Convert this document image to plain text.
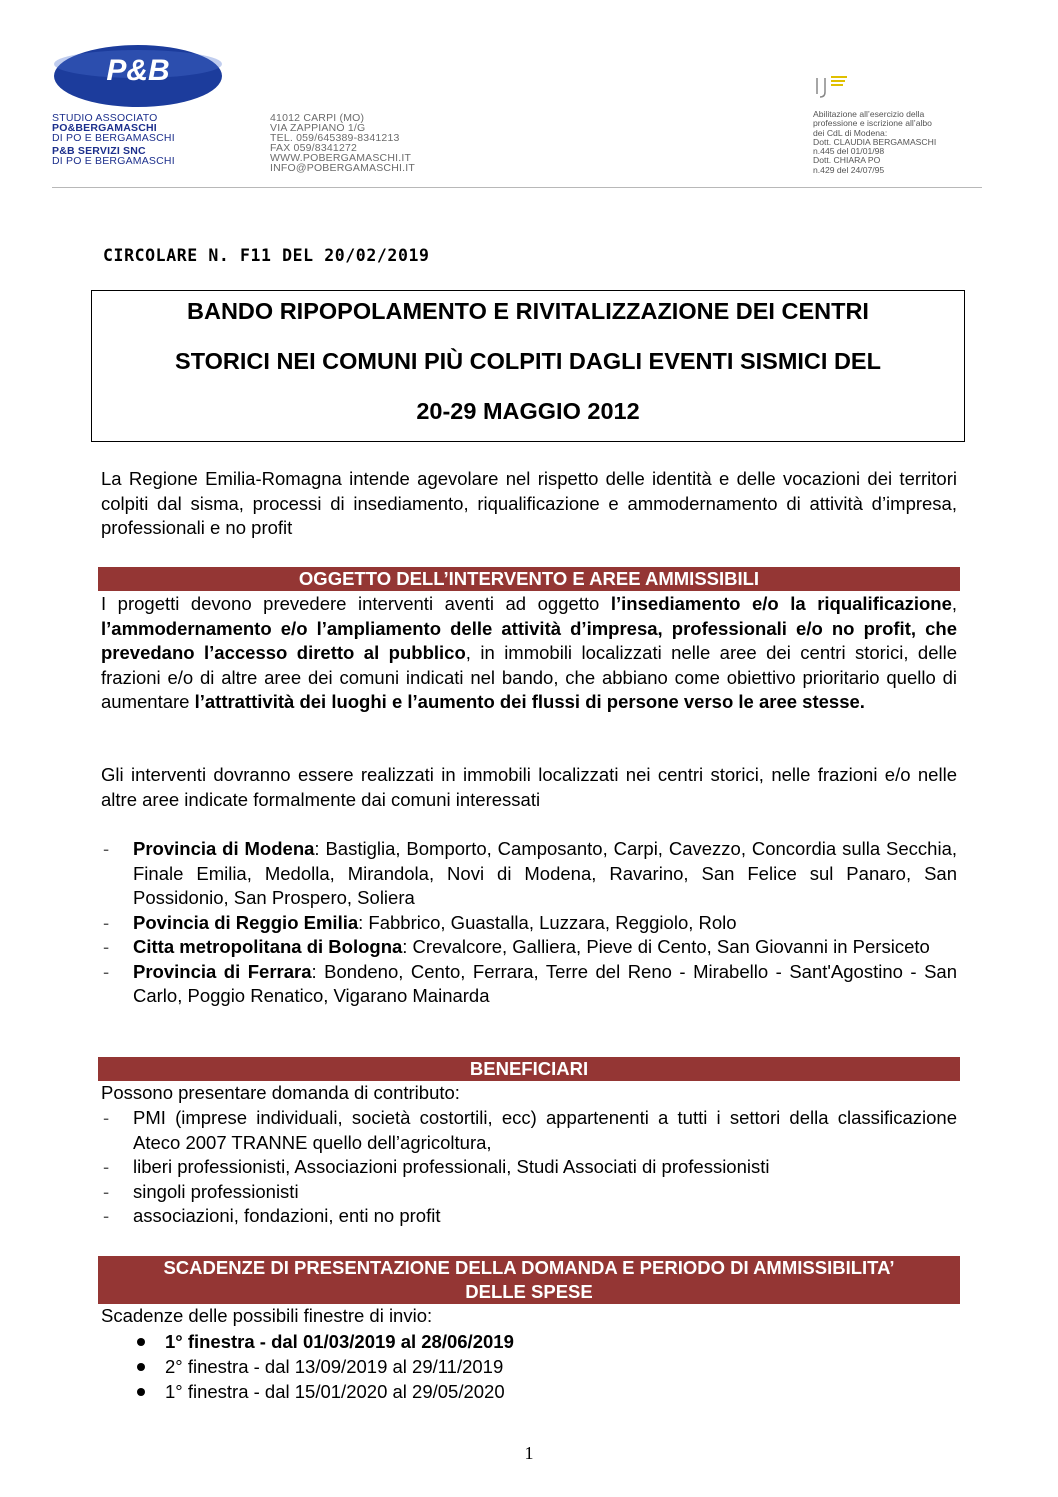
P&B
STUDIO ASSOCIATO
PO&BERGAMASCHI
DI PO E BERGAMASCHI
P&B SERVIZI SNC
DI PO E BERGAMASCHI
41012 CARPI (MO)
VIA ZAPPIANO 1/G
TEL. 059/645389-8341213
FAX 059/8341272
WWW.POBERGAMASCHI.IT
INFO@POBERGAMASCHI.IT
Abilitazione all’esercizio della
professione e iscrizione all’albo
dei CdL di Modena:
Dott. CLAUDIA BERGAMASCHI
n.445 del 01/01/98
Dott. CHIARA PO
n.429 del 24/07/95
CIRCOLARE N. F11 DEL 20/02/2019
BANDO RIPOPOLAMENTO E RIVITALIZZAZIONE DEI CENTRI
STORICI NEI COMUNI PIÙ COLPITI DAGLI EVENTI SISMICI DEL
20-29 MAGGIO 2012
La Regione Emilia-Romagna intende agevolare nel rispetto delle identità e delle vocazioni dei territori colpiti dal sisma, processi di insediamento, riqualificazione e ammodernamento di attività d’impresa, professionali e no profit
OGGETTO DELL’INTERVENTO E AREE AMMISSIBILI
I progetti devono prevedere interventi aventi ad oggetto l’insediamento e/o la riqualificazione, l’ammodernamento e/o l’ampliamento delle attività d’impresa, professionali e/o no profit, che prevedano l’accesso diretto al pubblico, in immobili localizzati nelle aree dei centri storici, delle frazioni e/o di altre aree dei comuni indicati nel bando, che abbiano come obiettivo prioritario quello di aumentare l’attrattività dei luoghi e l’aumento dei flussi di persone verso le aree stesse.
Gli interventi dovranno essere realizzati in immobili localizzati nei centri storici, nelle frazioni e/o nelle altre aree indicate formalmente dai comuni interessati
- Provincia di Modena: Bastiglia, Bomporto, Camposanto, Carpi, Cavezzo, Concordia sulla Secchia, Finale Emilia, Medolla, Mirandola, Novi di Modena, Ravarino, San Felice sul Panaro, San Possidonio, San Prospero, Soliera
- Povincia di Reggio Emilia: Fabbrico, Guastalla, Luzzara, Reggiolo, Rolo
- Citta metropolitana di Bologna: Crevalcore, Galliera, Pieve di Cento, San Giovanni in Persiceto
- Provincia di Ferrara: Bondeno, Cento, Ferrara, Terre del Reno - Mirabello - Sant'Agostino - San Carlo, Poggio Renatico, Vigarano Mainarda
BENEFICIARI
Possono presentare domanda di contributo:
- PMI (imprese individuali, società costortili, ecc) appartenenti a tutti i settori della classificazione Ateco 2007 TRANNE quello dell’agricoltura,
- liberi professionisti, Associazioni professionali, Studi Associati di professionisti
- singoli professionisti
- associazioni, fondazioni, enti no profit
SCADENZE DI PRESENTAZIONE DELLA DOMANDA E PERIODO DI AMMISSIBILITA’
DELLE SPESE
Scadenze delle possibili finestre di invio:
1° finestra - dal 01/03/2019 al 28/06/2019
2° finestra - dal 13/09/2019 al 29/11/2019
1° finestra - dal 15/01/2020 al 29/05/2020
1
